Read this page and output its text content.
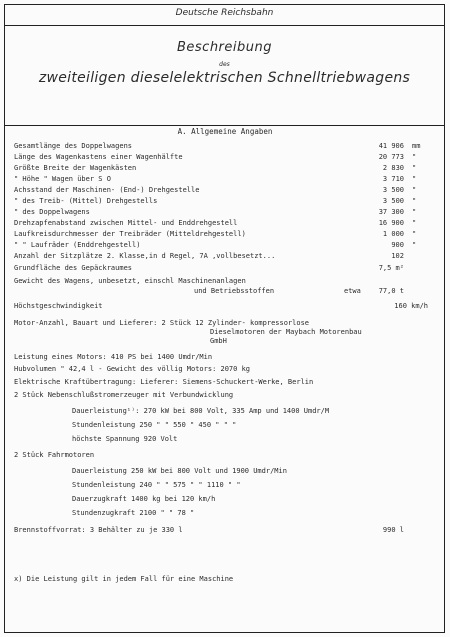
Deutsche Reichsbahn
Beschreibung
des
zweiteiligen dieselelektrischen Schnelltriebwagens
A. Allgemeine Angaben
Gesamtlänge des Doppelwagens	41 906 mm
Länge des Wagenkastens einer Wagenhälfte	20 773 "
Größte Breite der Wagenkästen	2 830 "
" Höhe " Wagen über S O	3 710 "
Achsstand der Maschinen- (End-) Drehgestelle	3 500 "
" des Treib- (Mittel) Drehgestells	3 500 "
" des Doppelwagens	37 300 "
Drehzapfenabstand zwischen Mittel- und Enddrehgestell	16 900 "
Laufkreisdurchmesser der Treibräder (Mitteldrehgestell)	1 000 "
" " Laufräder (Enddrehgestell)	900 "
Anzahl der Sitzplätze 2. Klasse,in d Regel, 7A ,vollbesetzt...	102
Grundfläche des Gepäckraumes	7,5 m²
Gewicht des Wagens, unbesetzt, einschl Maschinenanlagen
und Betriebsstoffen	etwa	77,0 t
Höchstgeschwindigkeit	160 km/h
Motor-Anzahl, Bauart und Lieferer: 2 Stück 12 Zylinder- kompressorlose
Dieselmotoren der Maybach Motorenbau
GmbH
Leistung eines Motors: 410 PS bei 1400 Umdr/Min
Hubvolumen " 42,4 l - Gewicht des völlig Motors: 2070 kg
Elektrische Kraftübertragung: Lieferer: Siemens-Schuckert-Werke, Berlin
2 Stück Nebenschlußstromerzeuger mit Verbundwicklung
Dauerleistung¹⁾: 270 kW bei 800 Volt, 335 Amp und 1400 Umdr/M
Stundenleistung 250 " " 550 " 450 " " "
höchste Spannung 920 Volt
2 Stück Fahrmotoren
Dauerleistung 250 kW bei 800 Volt und 1900 Umdr/Min
Stundenleistung 240 " " 575 " " 1110 " "
Dauerzugkraft 1400 kg bei 120 km/h
Stundenzugkraft 2100 " " 78 "
Brennstoffvorrat: 3 Behälter zu je 330 l	990 l
x) Die Leistung gilt in jedem Fall für eine Maschine
